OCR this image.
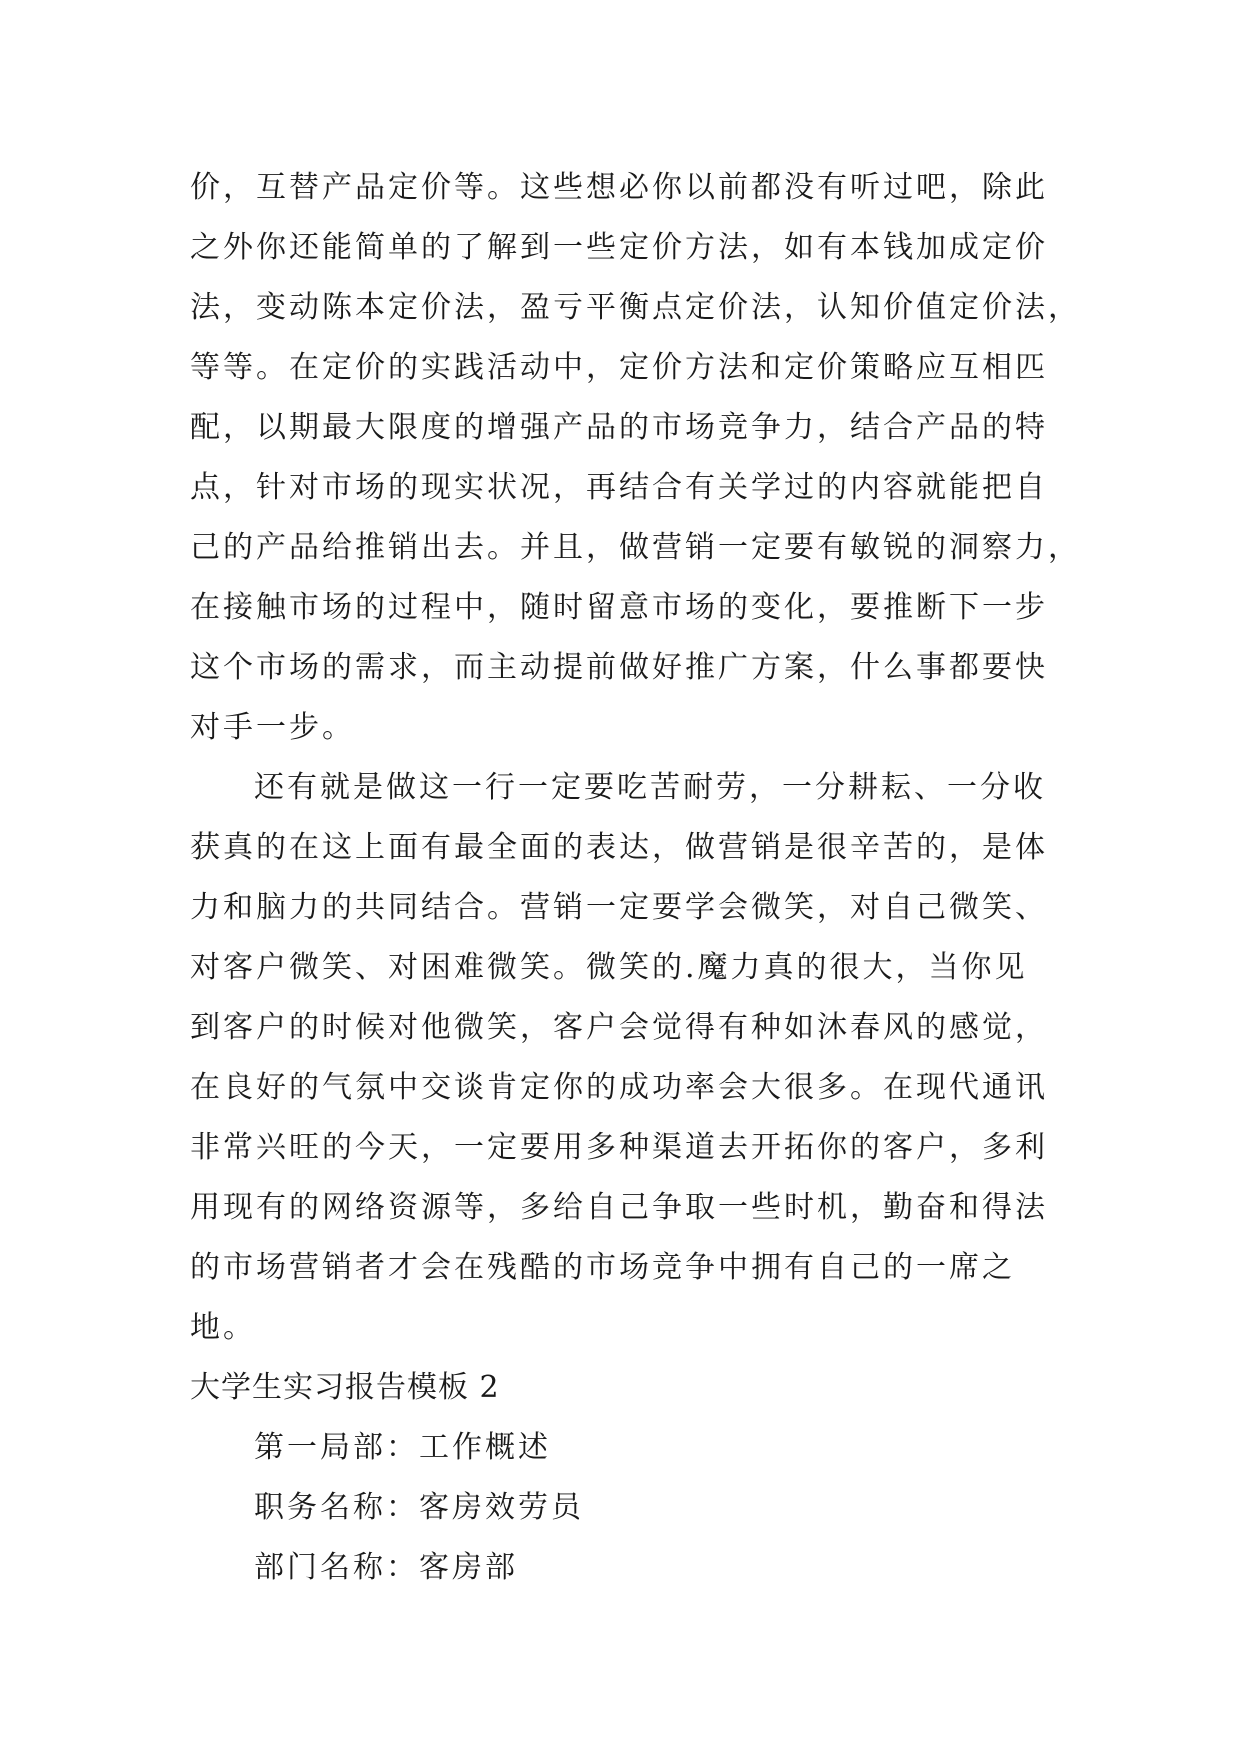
价，互替产品定价等。这些想必你以前都没有听过吧，除此
之外你还能简单的了解到一些定价方法，如有本钱加成定价
法，变动陈本定价法，盈亏平衡点定价法，认知价值定价法，
等等。在定价的实践活动中，定价方法和定价策略应互相匹
配，以期最大限度的增强产品的市场竞争力，结合产品的特
点，针对市场的现实状况，再结合有关学过的内容就能把自
己的产品给推销出去。并且，做营销一定要有敏锐的洞察力，
在接触市场的过程中，随时留意市场的变化，要推断下一步
这个市场的需求，而主动提前做好推广方案，什么事都要快
对手一步。
还有就是做这一行一定要吃苦耐劳，一分耕耘、一分收
获真的在这上面有最全面的表达，做营销是很辛苦的，是体
力和脑力的共同结合。营销一定要学会微笑，对自己微笑、
对客户微笑、对困难微笑。微笑的.魔力真的很大，当你见
到客户的时候对他微笑，客户会觉得有种如沐春风的感觉，
在良好的气氛中交谈肯定你的成功率会大很多。在现代通讯
非常兴旺的今天，一定要用多种渠道去开拓你的客户，多利
用现有的网络资源等，多给自己争取一些时机，勤奋和得法
的市场营销者才会在残酷的市场竞争中拥有自己的一席之
地。
大学生实习报告模板 2
第一局部：工作概述
职务名称：客房效劳员
部门名称：客房部
